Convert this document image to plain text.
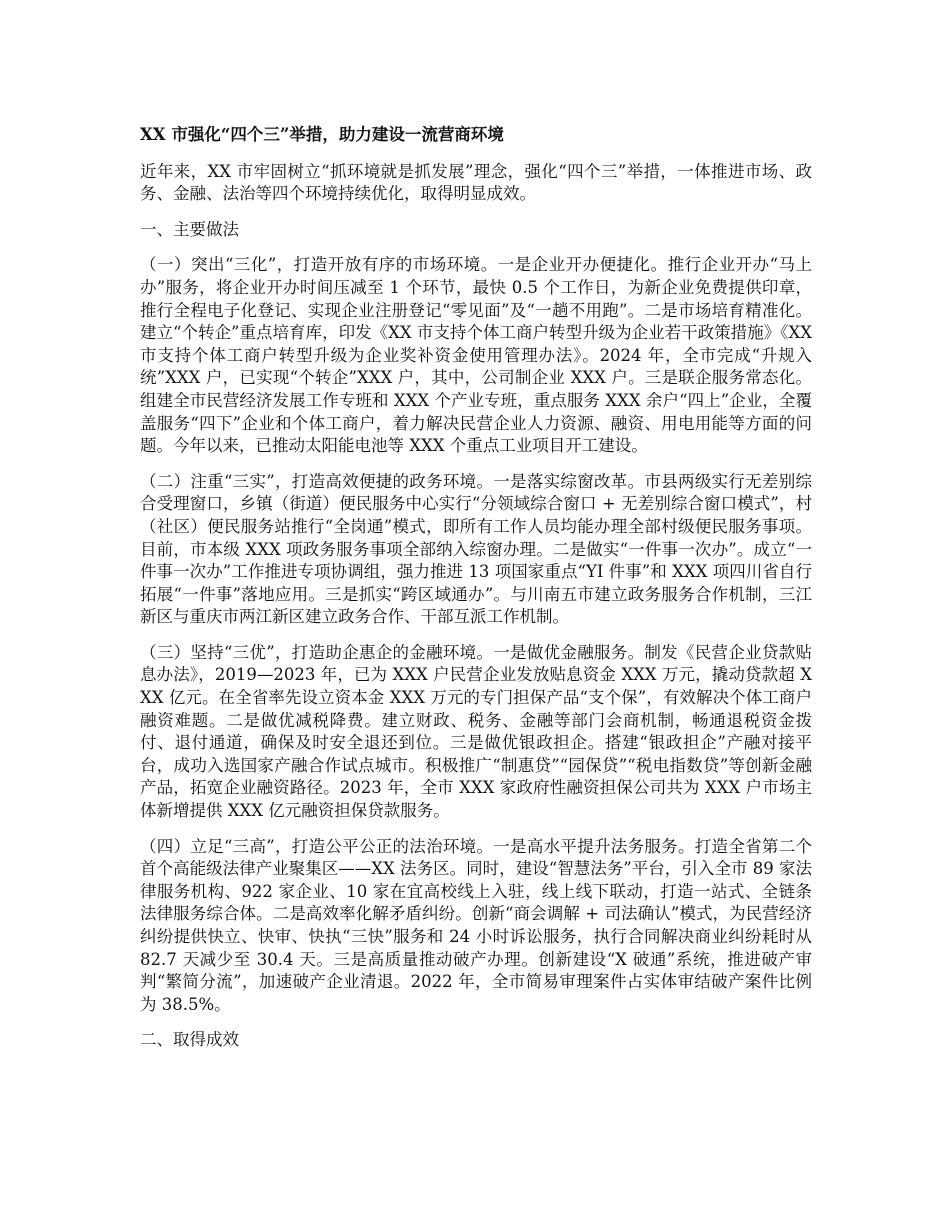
XX 市强化“四个三”举措，助力建设一流营商环境

近年来，XX 市牢固树立“抓环境就是抓发展”理念，强化“四个三”举措，一体推进市场、政务、金融、法治等四个环境持续优化，取得明显成效。

一、主要做法

（一）突出“三化”，打造开放有序的市场环境。一是企业开办便捷化。推行企业开办“马上办”服务，将企业开办时间压减至 1 个环节，最快 0.5 个工作日，为新企业免费提供印章，推行全程电子化登记、实现企业注册登记“零见面”及“一趟不用跑”。二是市场培育精准化。建立“个转企”重点培育库，印发《XX 市支持个体工商户转型升级为企业若干政策措施》《XX 市支持个体工商户转型升级为企业奖补资金使用管理办法》。2024 年，全市完成“升规入统”XXX 户，已实现“个转企”XXX 户，其中，公司制企业 XXX 户。三是联企服务常态化。组建全市民营经济发展工作专班和 XXX 个产业专班，重点服务 XXX 余户“四上”企业，全覆盖服务“四下”企业和个体工商户，着力解决民营企业人力资源、融资、用电用能等方面的问题。今年以来，已推动太阳能电池等 XXX 个重点工业项目开工建设。

（二）注重“三实”，打造高效便捷的政务环境。一是落实综窗改革。市县两级实行无差别综合受理窗口，乡镇（街道）便民服务中心实行“分领域综合窗口 + 无差别综合窗口模式”，村（社区）便民服务站推行“全岗通”模式，即所有工作人员均能办理全部村级便民服务事项。目前，市本级 XXX 项政务服务事项全部纳入综窗办理。二是做实“一件事一次办”。成立“一件事一次办”工作推进专项协调组，强力推进 13 项国家重点“YI 件事”和 XXX 项四川省自行拓展“一件事”落地应用。三是抓实“跨区域通办”。与川南五市建立政务服务合作机制，三江新区与重庆市两江新区建立政务合作、干部互派工作机制。

（三）坚持“三优”，打造助企惠企的金融环境。一是做优金融服务。制发《民营企业贷款贴息办法》，2019—2023 年，已为 XXX 户民营企业发放贴息资金 XXX 万元，撬动贷款超 XXX 亿元。在全省率先设立资本金 XXX 万元的专门担保产品“支个保”，有效解决个体工商户融资难题。二是做优减税降费。建立财政、税务、金融等部门会商机制，畅通退税资金拨付、退付通道，确保及时安全退还到位。三是做优银政担企。搭建“银政担企”产融对接平台，成功入选国家产融合作试点城市。积极推广“制惠贷”“园保贷”“税电指数贷”等创新金融产品，拓宽企业融资路径。2023 年，全市 XXX 家政府性融资担保公司共为 XXX 户市场主体新增提供 XXX 亿元融资担保贷款服务。

（四）立足“三高”，打造公平公正的法治环境。一是高水平提升法务服务。打造全省第二个首个高能级法律产业聚集区——XX 法务区。同时，建设“智慧法务”平台，引入全市 89 家法律服务机构、922 家企业、10 家在宜高校线上入驻，线上线下联动，打造一站式、全链条法律服务综合体。二是高效率化解矛盾纠纷。创新“商会调解 + 司法确认”模式，为民营经济纠纷提供快立、快审、快执“三快”服务和 24 小时诉讼服务，执行合同解决商业纠纷耗时从 82.7 天减少至 30.4 天。三是高质量推动破产办理。创新建设“X 破通”系统，推进破产审判“繁简分流”，加速破产企业清退。2022 年，全市简易审理案件占实体审结破产案件比例为 38.5%。

二、取得成效
